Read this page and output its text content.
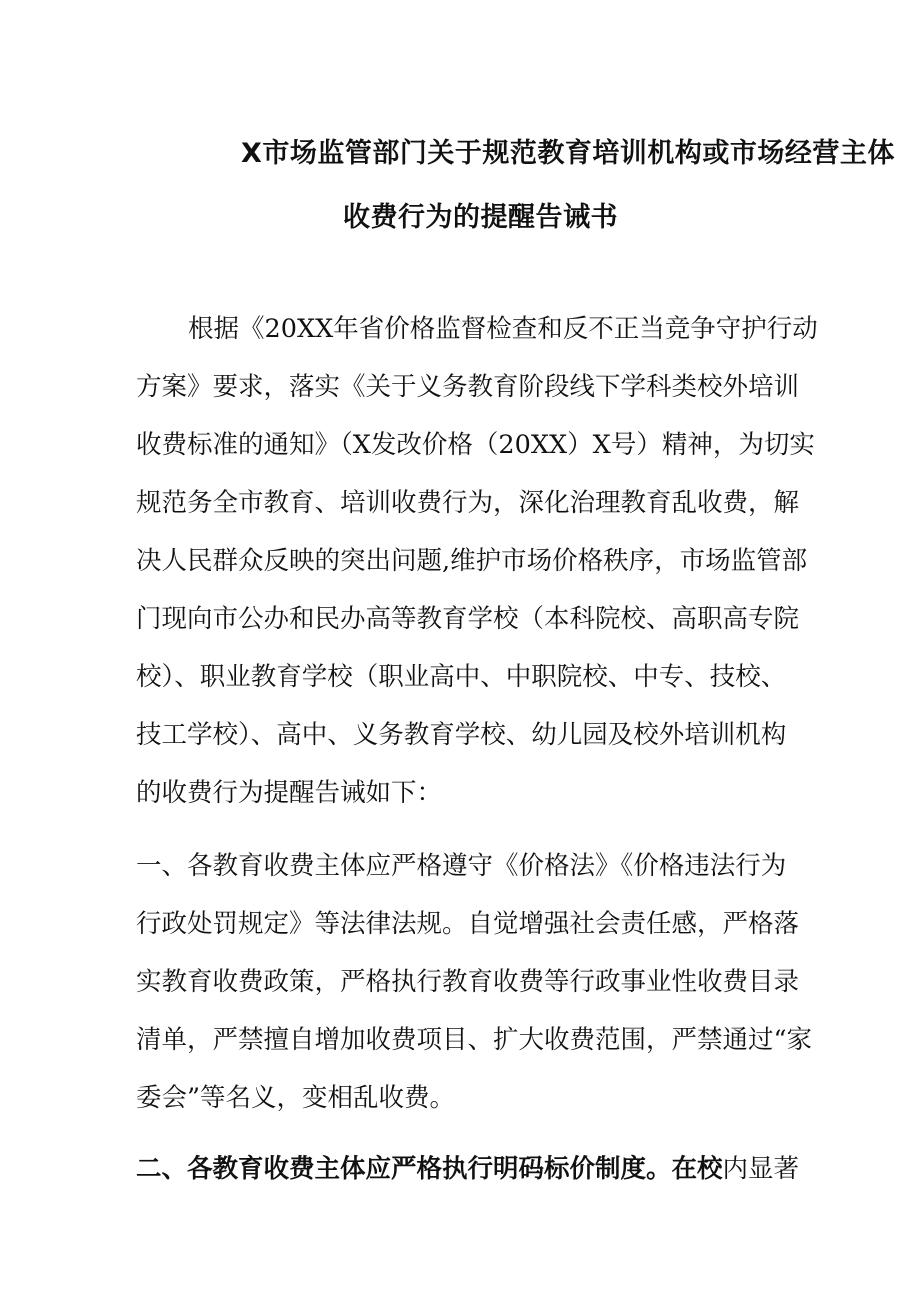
X市场监管部门关于规范教育培训机构或市场经营主体
收费行为的提醒告诫书
根据《20XX年省价格监督检查和反不正当竞争守护行动
方案》要求，落实《关于义务教育阶段线下学科类校外培训
收费标准的通知》（X发改价格（20XX）X号）精神，为切实
规范务全市教育、培训收费行为，深化治理教育乱收费，解
决人民群众反映的突出问题,维护市场价格秩序，市场监管部
门现向市公办和民办高等教育学校（本科院校、高职高专院
校）、职业教育学校（职业高中、中职院校、中专、技校、
技工学校）、高中、义务教育学校、幼儿园及校外培训机构
的收费行为提醒告诫如下：
一、各教育收费主体应严格遵守《价格法》《价格违法行为
行政处罚规定》等法律法规。自觉增强社会责任感，严格落
实教育收费政策，严格执行教育收费等行政事业性收费目录
清单，严禁擅自增加收费项目、扩大收费范围，严禁通过“家
委会”等名义，变相乱收费。
二、各教育收费主体应严格执行明码标价制度。在校内显著
